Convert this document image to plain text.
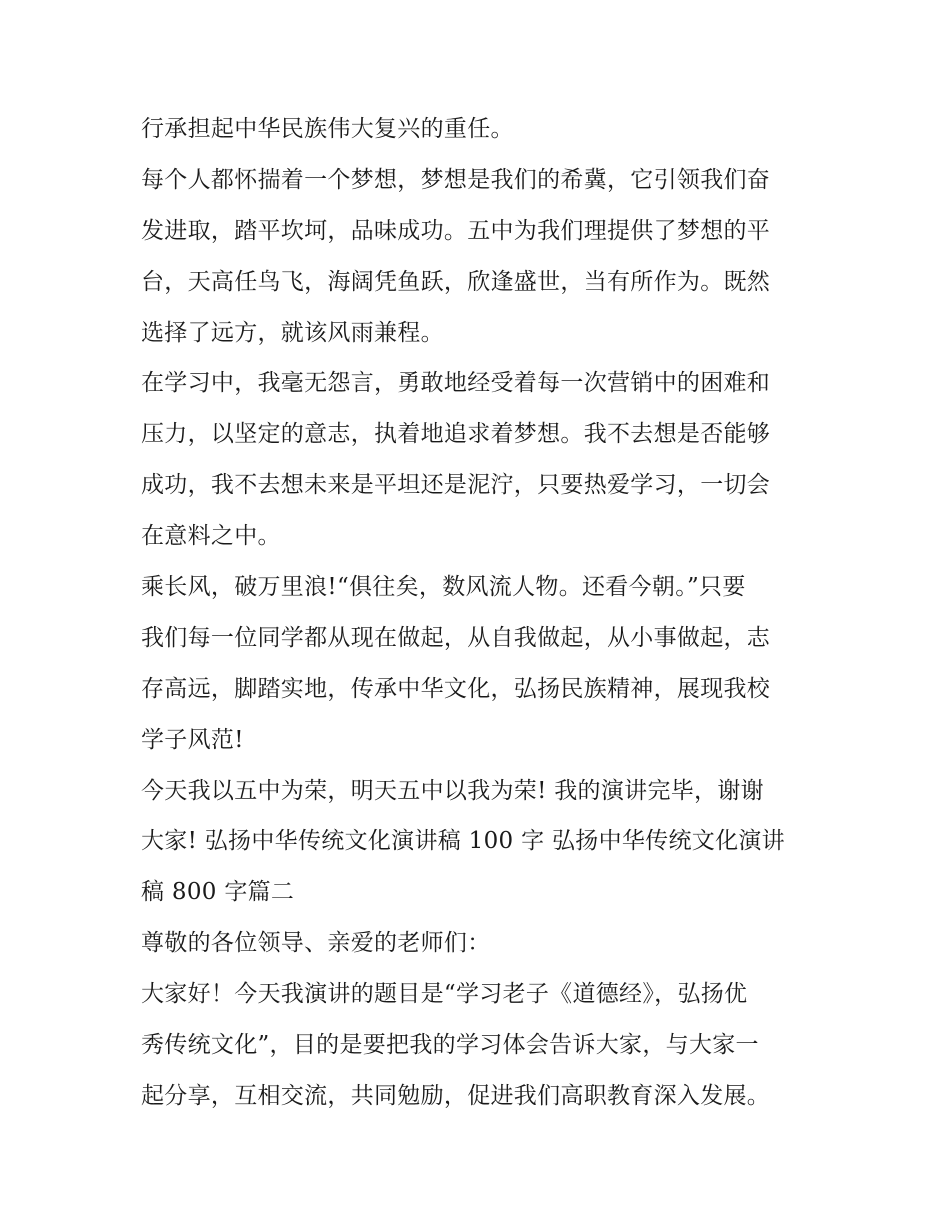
行承担起中华民族伟大复兴的重任。
每个人都怀揣着一个梦想，梦想是我们的希冀，它引领我们奋
发进取，踏平坎坷，品味成功。五中为我们理提供了梦想的平
台，天高任鸟飞，海阔凭鱼跃，欣逢盛世，当有所作为。既然
选择了远方，就该风雨兼程。
在学习中，我毫无怨言，勇敢地经受着每一次营销中的困难和
压力，以坚定的意志，执着地追求着梦想。我不去想是否能够
成功，我不去想未来是平坦还是泥泞，只要热爱学习，一切会
在意料之中。
乘长风，破万里浪!“俱往矣，数风流人物。还看今朝。”只要
我们每一位同学都从现在做起，从自我做起，从小事做起，志
存高远，脚踏实地，传承中华文化，弘扬民族精神，展现我校
学子风范!
今天我以五中为荣，明天五中以我为荣! 我的演讲完毕，谢谢
大家! 弘扬中华传统文化演讲稿 100 字 弘扬中华传统文化演讲
稿 800 字篇二
尊敬的各位领导、亲爱的老师们：
大家好！今天我演讲的题目是“学习老子《道德经》，弘扬优
秀传统文化”，目的是要把我的学习体会告诉大家，与大家一
起分享，互相交流，共同勉励，促进我们高职教育深入发展。
